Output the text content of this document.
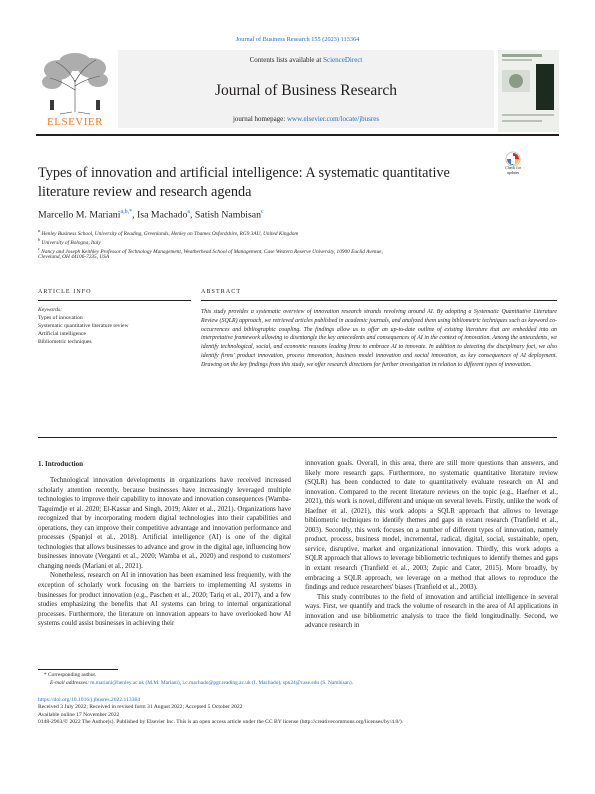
Journal of Business Research 155 (2023) 113364
ELSEVIER
Contents lists available at ScienceDirect
Journal of Business Research
journal homepage: www.elsevier.com/locate/jbusres
Check for
updates
Types of innovation and artificial intelligence: A systematic quantitative
literature review and research agenda
Marcello M. Mariani$^{a,b,*}$, Isa Machado$^a$, Satish Nambisan$^c$
$^a$ Henley Business School, University of Reading, Greenlands, Henley on Thames Oxfordshire, RG9 3AU, United Kingdom
$^b$ University of Bologna, Italy
$^c$ Nancy and Joseph Keithley Professor of Technology Management, Weatherhead School of Management, Case Western Reserve University, 10900 Euclid Avenue,
Cleveland, OH 44106-7235, USA
ARTICLE INFO	ABSTRACT
Keywords:
Types of innovation
Systematic quantitative literature review
Artificial intelligence
Bibliometric techniques
This study provides a systematic overview of innovation research strands revolving around AI. By adopting a Systematic Quantitative Literature Review (SQLR) approach, we retrieved articles published in academic journals, and analyzed them using bibliometric techniques such as keyword co-occurrences and bibliographic coupling. The findings allow us to offer an up-to-date outline of existing literature that are embedded into an interpretative framework allowing to disentangle the key antecedents and consequences of AI in the context of innovation. Among the antecedents, we identify technological, social, and economic reasons leading firms to embrace AI to innovate. In addition to detecting the disciplinary foci, we also identify firms' product innovation, process innovation, business model innovation and social innovation, as key consequences of AI deployment. Drawing on the key findings from this study, we offer research directions for further investigation in relation to different types of innovation.
1. Introduction

Technological innovation developments in organizations have received increased scholarly attention recently, because businesses have increasingly leveraged multiple technologies to improve their capability to innovate and innovation consequences (Wamba-Taguimdje et al. 2020; El-Kassar and Singh, 2019; Akter et al., 2021). Organizations have recognized that by incorporating modern digital technologies into their capabilities and operations, they can improve their competitive advantage and innovation performance and processes (Spanjol et al., 2018). Artificial intelligence (AI) is one of the digital technologies that allows businesses to advance and grow in the digital age, influencing how businesses innovate (Verganti et al., 2020; Wamba et al., 2020) and respond to customers' changing needs (Mariani et al., 2021).

Nonetheless, research on AI in innovation has been examined less frequently, with the exception of scholarly work focusing on the barriers to implementing AI systems in businesses for product innovation (e.g., Paschen et al., 2020; Tariq et al., 2017), and a few studies emphasizing the benefits that AI systems can bring to internal organizational processes. Furthermore, the literature on innovation appears to have overlooked how AI systems could assist businesses in achieving their

innovation goals. Overall, in this area, there are still more questions than answers, and likely more research gaps. Furthermore, no systematic quantitative literature review (SQLR) has been conducted to date to quantitatively evaluate research on AI and innovation. Compared to the recent literature reviews on the topic (e.g., Haefner et al., 2021), this work is novel, different and unique on several levels. Firstly, unlike the work of Haefner et al. (2021), this work adopts a SQLR approach that allows to leverage bibliometric techniques to identify themes and gaps in extant research (Tranfield et al., 2003). Secondly, this work focuses on a number of different types of innovation, namely product, process, business model, incremental, radical, digital, social, sustainable, open, service, disruptive, market and organizational innovation. Thirdly, this work adopts a SQLR approach that allows to leverage bibliometric techniques to identify themes and gaps in extant research (Tranfield et al., 2003; Zupic and Cater, 2015). More broadly, by embracing a SQLR approach, we leverage on a method that allows to reproduce the findings and reduce researchers' biases (Tranfield et al., 2003).

This study contributes to the field of innovation and artificial intelligence in several ways. First, we quantify and track the volume of research in the area of AI applications in innovation and use bibliometric analysis to trace the field longitudinally. Second, we advance research in

* Corresponding author.
E-mail addresses: m.mariani@henley.ac.uk (M.M. Mariani), i.c.machado@pgr.reading.ac.uk (I. Machado), spn24@case.edu (S. Nambisan).
https://doi.org/10.1016/j.jbusres.2022.113364
Received 3 July 2022; Received in revised form 31 August 2022; Accepted 5 October 2022
Available online 17 November 2022
0148-2963/© 2022 The Author(s). Published by Elsevier Inc. This is an open access article under the CC BY license (http://creativecommons.org/licenses/by/4.0/).
